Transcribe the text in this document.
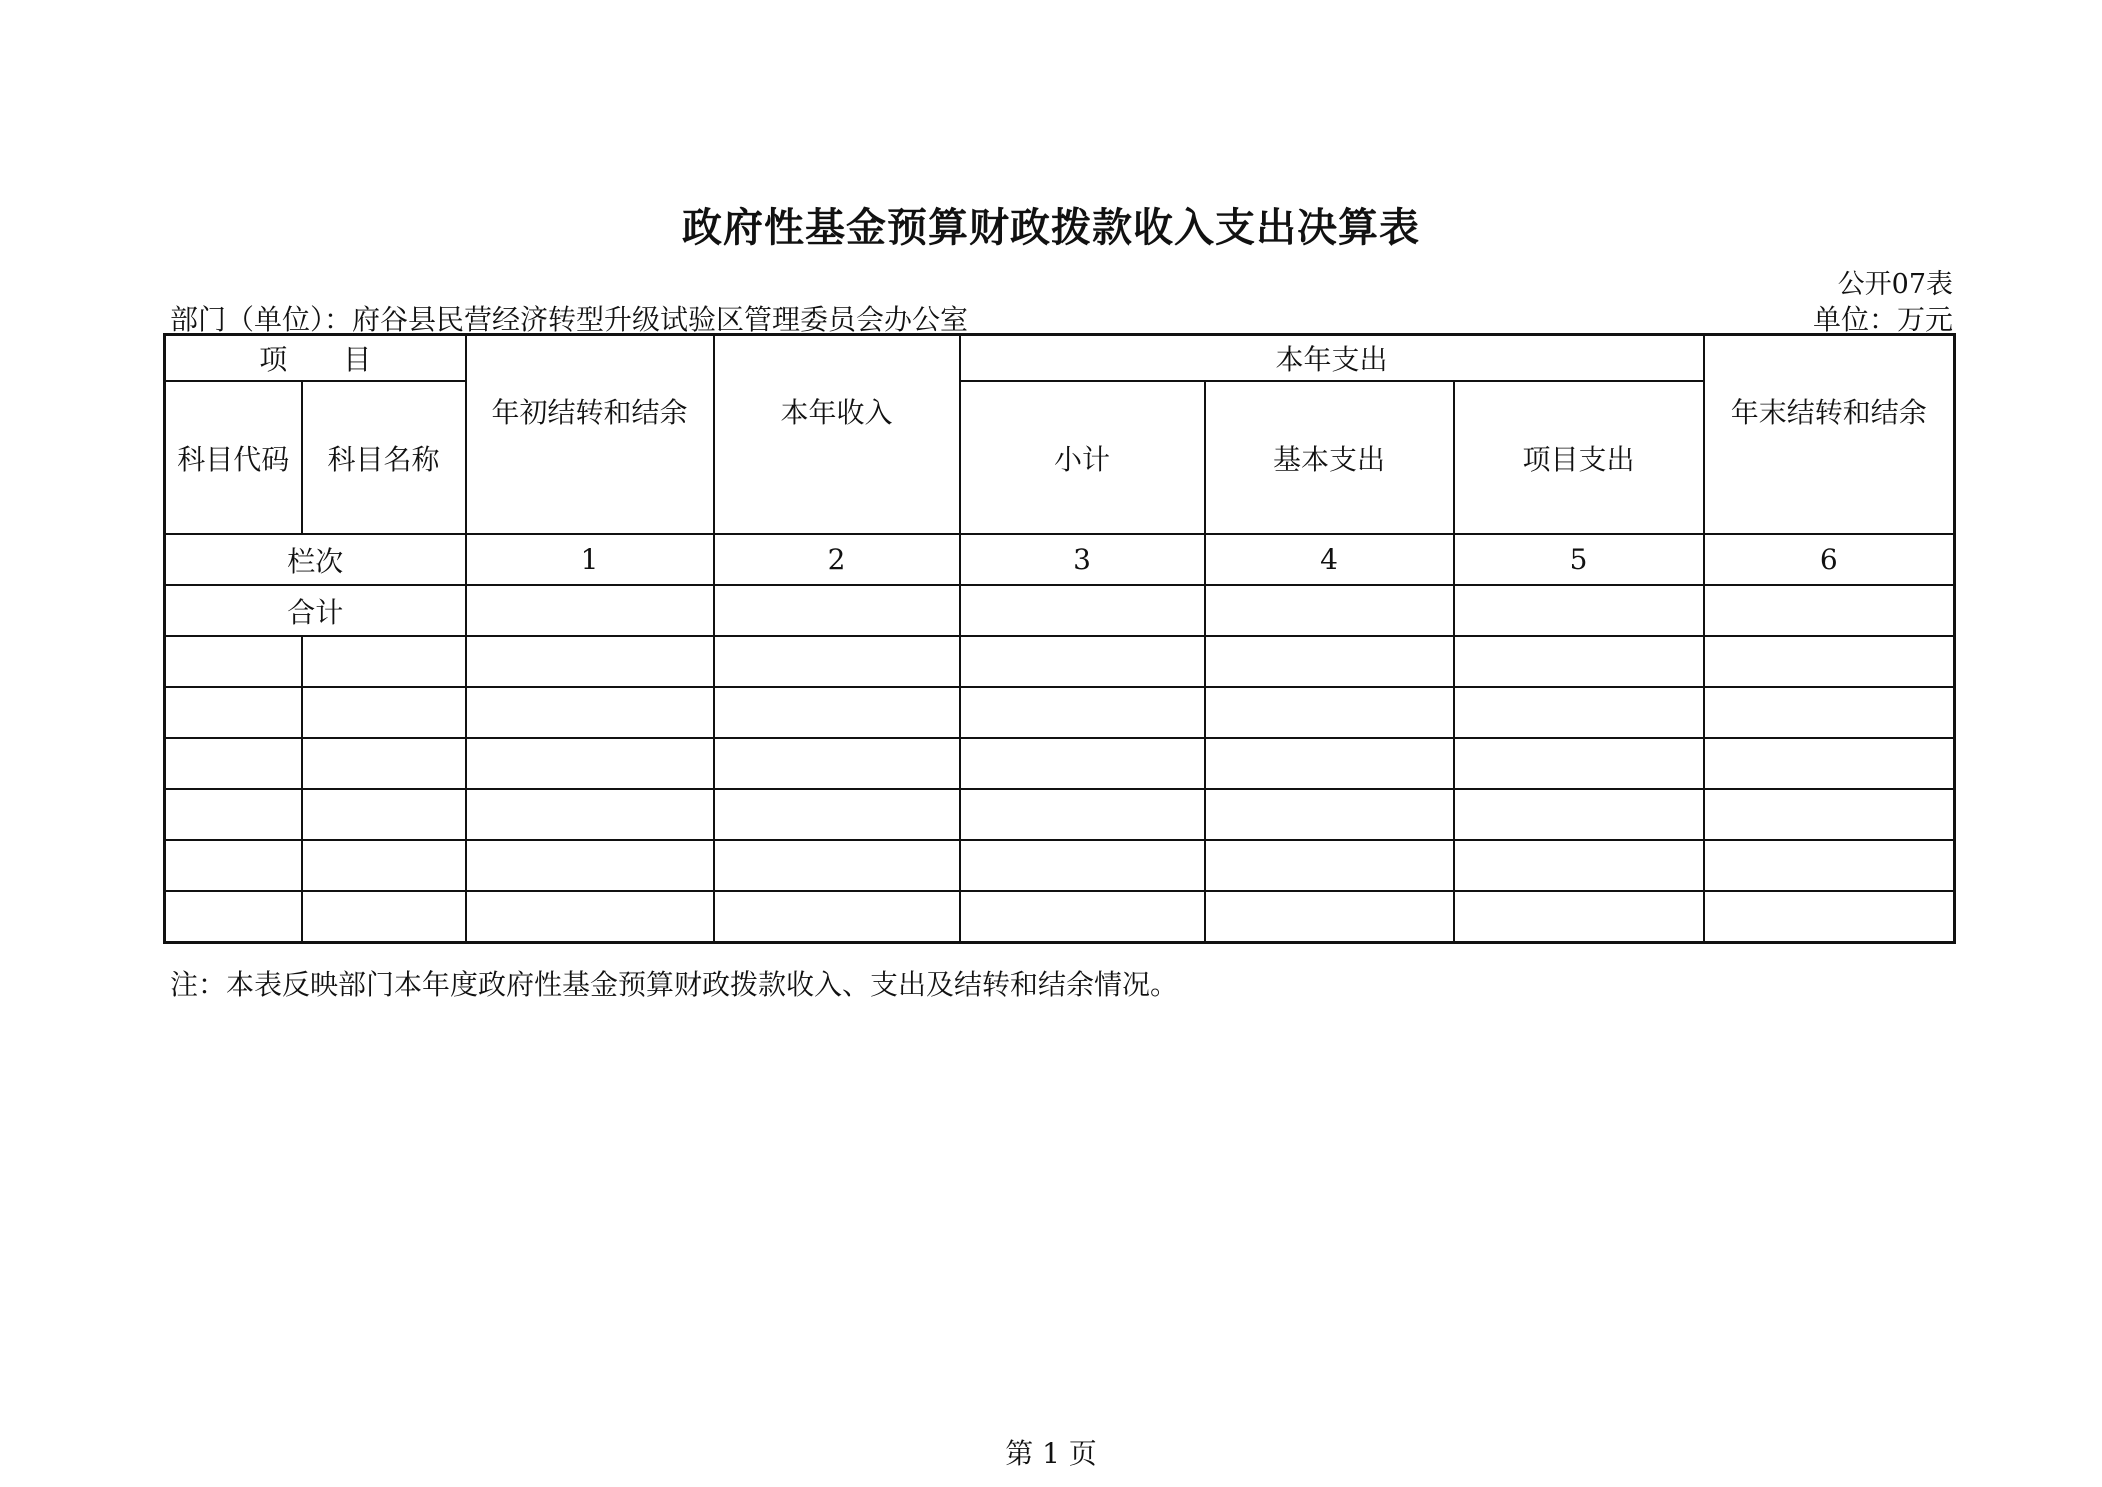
政府性基金预算财政拨款收入支出决算表
公开07表
部门（单位）：府谷县民营经济转型升级试验区管理委员会办公室	单位：万元
项　　目		年初结转和结余	本年收入	本年支出			年末结转和结余
科目代码	科目名称			小计	基本支出	项目支出	
栏次		1	2	3	4	5	6
合计							

注：本表反映部门本年度政府性基金预算财政拨款收入、支出及结转和结余情况。
第 1 页
